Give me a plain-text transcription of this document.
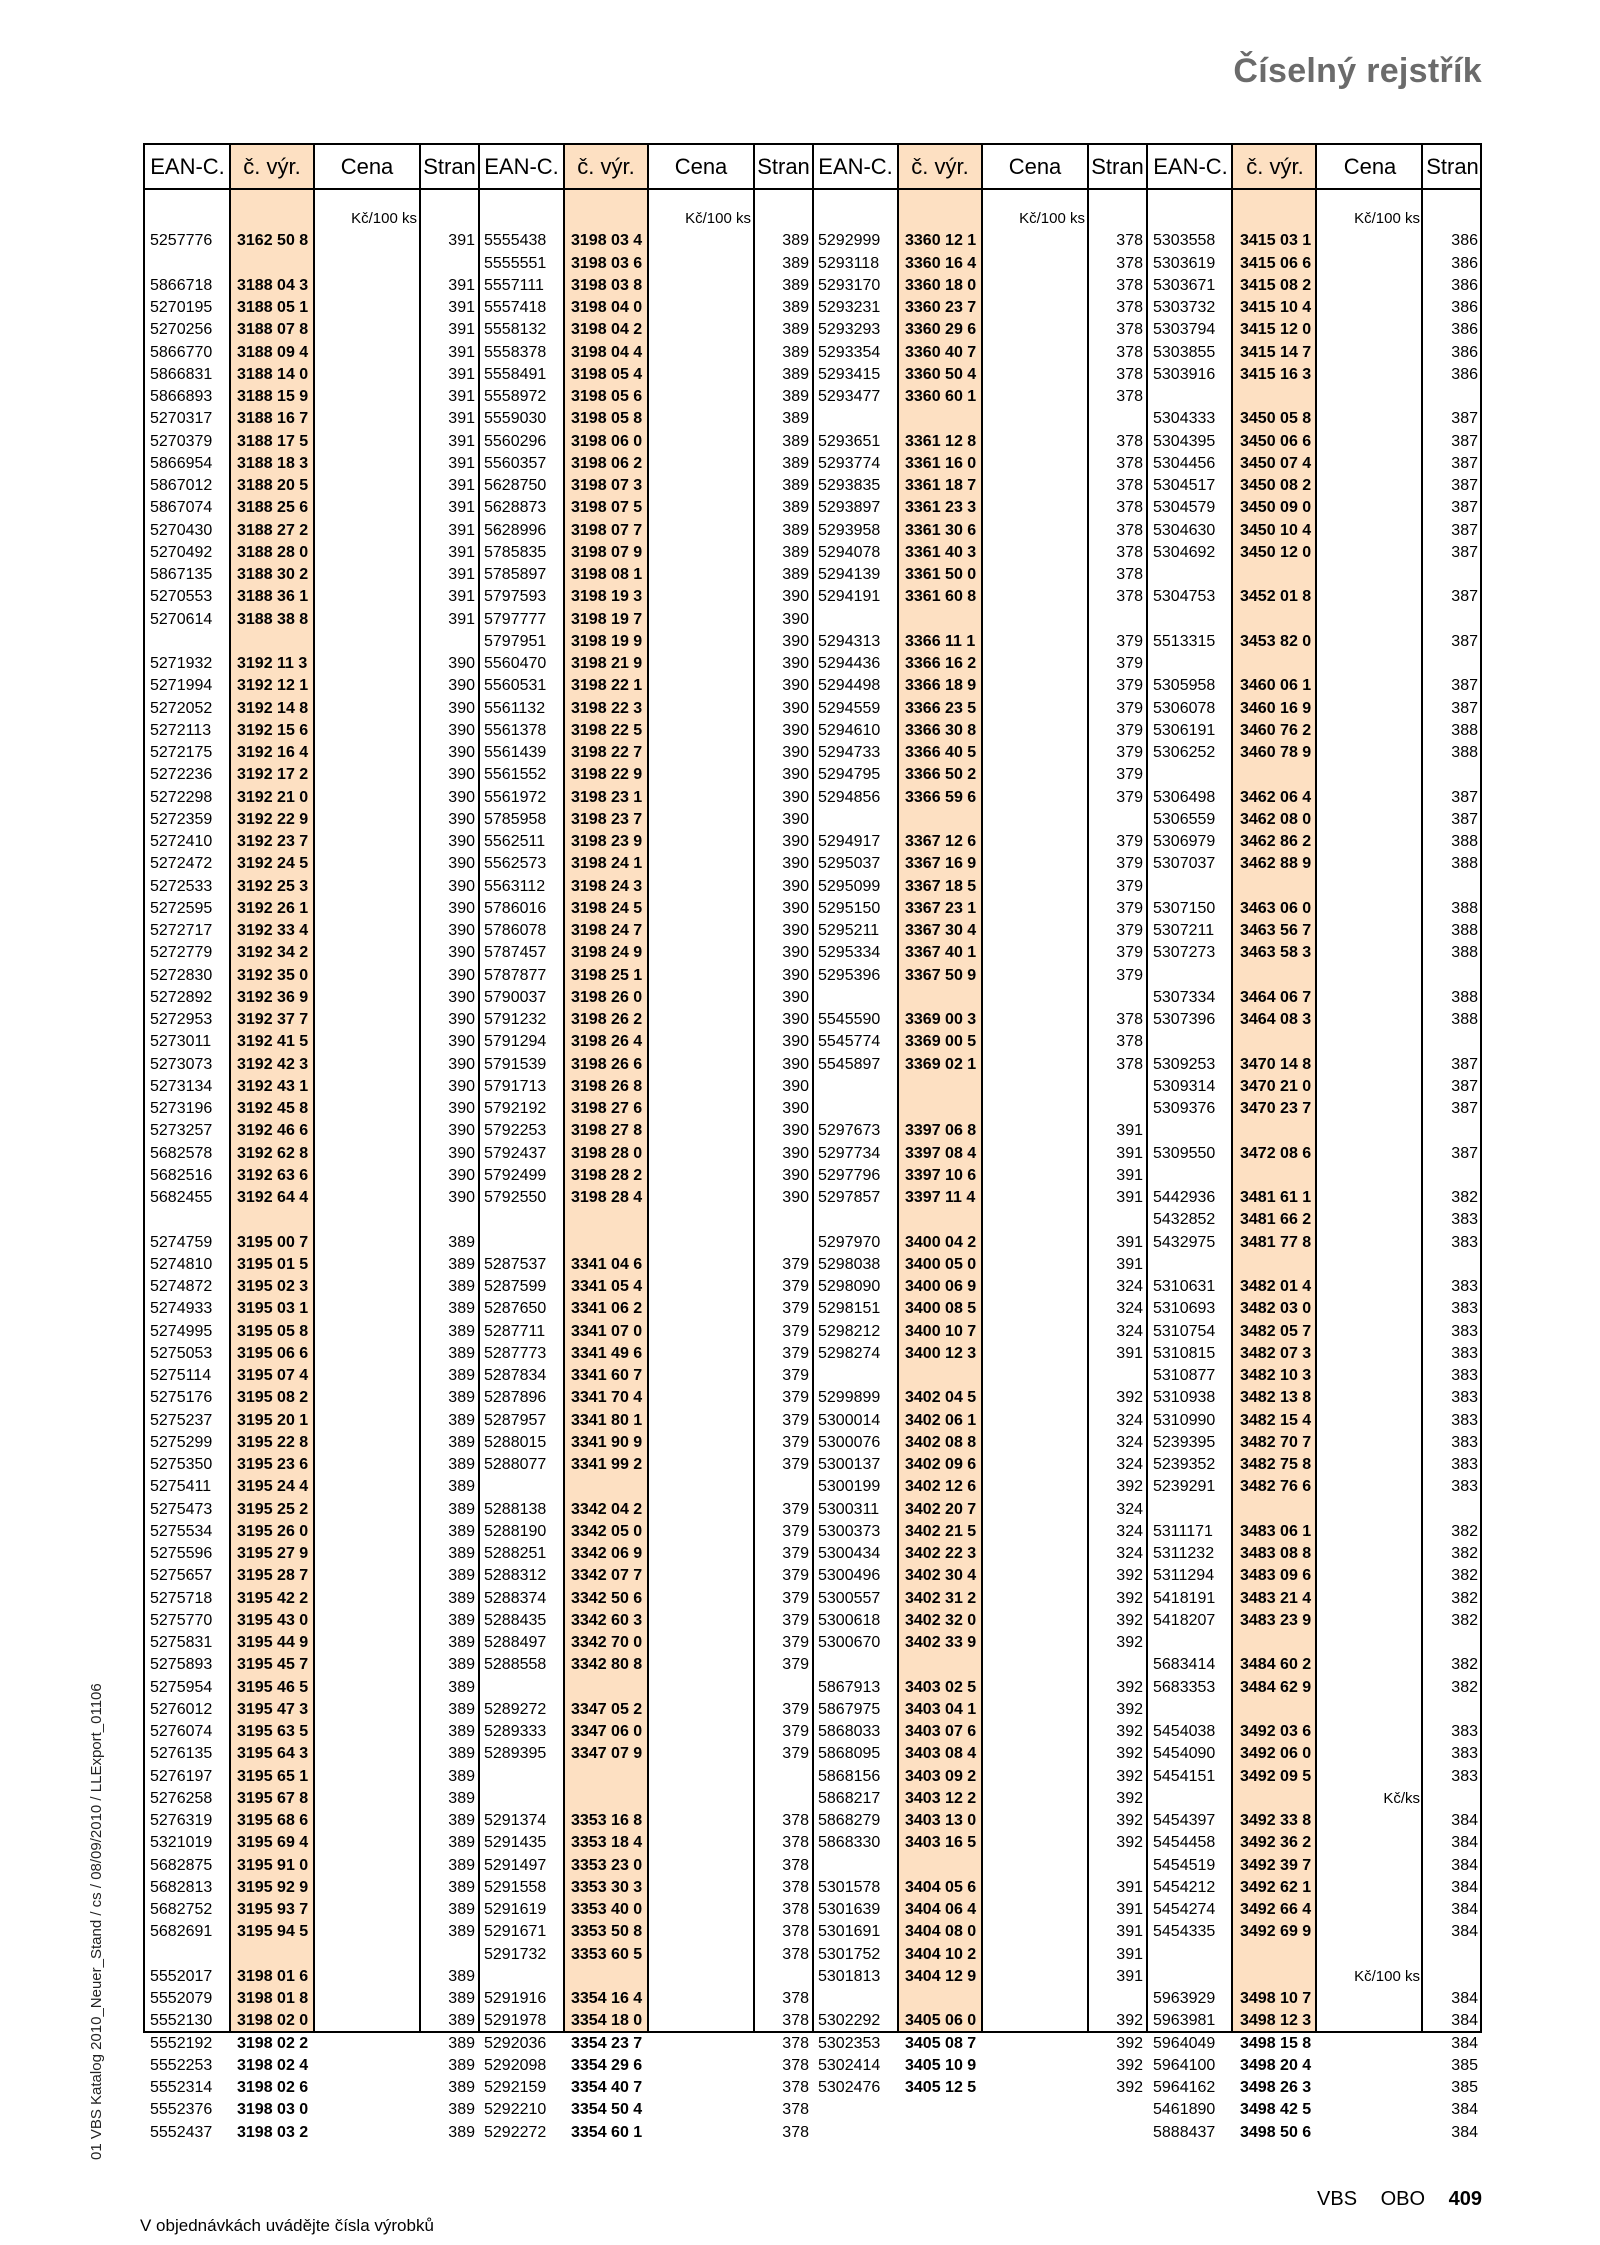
Číselný rejstřík
01 VBS Katalog 2010_Neuer_Stand / cs / 08/09/2010 / LLExport_01106
EAN-C. č. výr.	Cena	Stran
Kč/100 ks
5257776 3162 50 8	391
5866718 3188 04 3	391
5270195 3188 05 1	391
5270256 3188 07 8	391
5866770 3188 09 4	391
5866831 3188 14 0	391
5866893 3188 15 9	391
5270317 3188 16 7	391
5270379 3188 17 5	391
5866954 3188 18 3	391
5867012 3188 20 5	391
5867074 3188 25 6	391
5270430 3188 27 2	391
5270492 3188 28 0	391
5867135 3188 30 2	391
5270553 3188 36 1	391
5270614 3188 38 8	391
5271932 3192 11 3	390
5271994 3192 12 1	390
5272052 3192 14 8	390
5272113 3192 15 6	390
5272175 3192 16 4	390
5272236 3192 17 2	390
5272298 3192 21 0	390
5272359 3192 22 9	390
5272410 3192 23 7	390
5272472 3192 24 5	390
5272533 3192 25 3	390
5272595 3192 26 1	390
5272717 3192 33 4	390
5272779 3192 34 2	390
5272830 3192 35 0	390
5272892 3192 36 9	390
5272953 3192 37 7	390
5273011 3192 41 5	390
5273073 3192 42 3	390
5273134 3192 43 1	390
5273196 3192 45 8	390
5273257 3192 46 6	390
5682578 3192 62 8	390
5682516 3192 63 6	390
5682455 3192 64 4	390
5274759 3195 00 7	389
5274810 3195 01 5	389
5274872 3195 02 3	389
5274933 3195 03 1	389
5274995 3195 05 8	389
5275053 3195 06 6	389
5275114 3195 07 4	389
5275176 3195 08 2	389
5275237 3195 20 1	389
5275299 3195 22 8	389
5275350 3195 23 6	389
5275411 3195 24 4	389
5275473 3195 25 2	389
5275534 3195 26 0	389
5275596 3195 27 9	389
5275657 3195 28 7	389
5275718 3195 42 2	389
5275770 3195 43 0	389
5275831 3195 44 9	389
5275893 3195 45 7	389
5275954 3195 46 5	389
5276012 3195 47 3	389
5276074 3195 63 5	389
5276135 3195 64 3	389
5276197 3195 65 1	389
5276258 3195 67 8	389
5276319 3195 68 6	389
5321019 3195 69 4	389
5682875 3195 91 0	389
5682813 3195 92 9	389
5682752 3195 93 7	389
5682691 3195 94 5	389
5552017 3198 01 6	389
5552079 3198 01 8	389
5552130 3198 02 0	389
5552192 3198 02 2	389
5552253 3198 02 4	389
5552314 3198 02 6	389
5552376 3198 03 0	389
5552437 3198 03 2	389
EAN-C. č. výr.	Cena	Stran
Kč/100 ks
5555438 3198 03 4	389
5555551 3198 03 6	389
5557111 3198 03 8	389
5557418 3198 04 0	389
5558132 3198 04 2	389
5558378 3198 04 4	389
5558491 3198 05 4	389
5558972 3198 05 6	389
5559030 3198 05 8	389
5560296 3198 06 0	389
5560357 3198 06 2	389
5628750 3198 07 3	389
5628873 3198 07 5	389
5628996 3198 07 7	389
5785835 3198 07 9	389
5785897 3198 08 1	389
5797593 3198 19 3	390
5797777 3198 19 7	390
5797951 3198 19 9	390
5560470 3198 21 9	390
5560531 3198 22 1	390
5561132 3198 22 3	390
5561378 3198 22 5	390
5561439 3198 22 7	390
5561552 3198 22 9	390
5561972 3198 23 1	390
5785958 3198 23 7	390
5562511 3198 23 9	390
5562573 3198 24 1	390
5563112 3198 24 3	390
5786016 3198 24 5	390
5786078 3198 24 7	390
5787457 3198 24 9	390
5787877 3198 25 1	390
5790037 3198 26 0	390
5791232 3198 26 2	390
5791294 3198 26 4	390
5791539 3198 26 6	390
5791713 3198 26 8	390
5792192 3198 27 6	390
5792253 3198 27 8	390
5792437 3198 28 0	390
5792499 3198 28 2	390
5792550 3198 28 4	390
5287537 3341 04 6	379
5287599 3341 05 4	379
5287650 3341 06 2	379
5287711 3341 07 0	379
5287773 3341 49 6	379
5287834 3341 60 7	379
5287896 3341 70 4	379
5287957 3341 80 1	379
5288015 3341 90 9	379
5288077 3341 99 2	379
5288138 3342 04 2	379
5288190 3342 05 0	379
5288251 3342 06 9	379
5288312 3342 07 7	379
5288374 3342 50 6	379
5288435 3342 60 3	379
5288497 3342 70 0	379
5288558 3342 80 8	379
5289272 3347 05 2	379
5289333 3347 06 0	379
5289395 3347 07 9	379
5291374 3353 16 8	378
5291435 3353 18 4	378
5291497 3353 23 0	378
5291558 3353 30 3	378
5291619 3353 40 0	378
5291671 3353 50 8	378
5291732 3353 60 5	378
5291916 3354 16 4	378
5291978 3354 18 0	378
5292036 3354 23 7	378
5292098 3354 29 6	378
5292159 3354 40 7	378
5292210 3354 50 4	378
5292272 3354 60 1	378
EAN-C. č. výr.	Cena	Stran
Kč/100 ks
5292999 3360 12 1	378
5293118 3360 16 4	378
5293170 3360 18 0	378
5293231 3360 23 7	378
5293293 3360 29 6	378
5293354 3360 40 7	378
5293415 3360 50 4	378
5293477 3360 60 1	378
5293651 3361 12 8	378
5293774 3361 16 0	378
5293835 3361 18 7	378
5293897 3361 23 3	378
5293958 3361 30 6	378
5294078 3361 40 3	378
5294139 3361 50 0	378
5294191 3361 60 8	378
5294313 3366 11 1	379
5294436 3366 16 2	379
5294498 3366 18 9	379
5294559 3366 23 5	379
5294610 3366 30 8	379
5294733 3366 40 5	379
5294795 3366 50 2	379
5294856 3366 59 6	379
5294917 3367 12 6	379
5295037 3367 16 9	379
5295099 3367 18 5	379
5295150 3367 23 1	379
5295211 3367 30 4	379
5295334 3367 40 1	379
5295396 3367 50 9	379
5545590 3369 00 3	378
5545774 3369 00 5	378
5545897 3369 02 1	378
5297673 3397 06 8	391
5297734 3397 08 4	391
5297796 3397 10 6	391
5297857 3397 11 4	391
5297970 3400 04 2	391
5298038 3400 05 0	391
5298090 3400 06 9	324
5298151 3400 08 5	324
5298212 3400 10 7	324
5298274 3400 12 3	391
5299899 3402 04 5	392
5300014 3402 06 1	324
5300076 3402 08 8	324
5300137 3402 09 6	324
5300199 3402 12 6	392
5300311 3402 20 7	324
5300373 3402 21 5	324
5300434 3402 22 3	324
5300496 3402 30 4	392
5300557 3402 31 2	392
5300618 3402 32 0	392
5300670 3402 33 9	392
5867913 3403 02 5	392
5867975 3403 04 1	392
5868033 3403 07 6	392
5868095 3403 08 4	392
5868156 3403 09 2	392
5868217 3403 12 2	392
5868279 3403 13 0	392
5868330 3403 16 5	392
5301578 3404 05 6	391
5301639 3404 06 4	391
5301691 3404 08 0	391
5301752 3404 10 2	391
5301813 3404 12 9	391
5302292 3405 06 0	392
5302353 3405 08 7	392
5302414 3405 10 9	392
5302476 3405 12 5	392
EAN-C. č. výr.	Cena	Stran
Kč/100 ks
5303558 3415 03 1	386
5303619 3415 06 6	386
5303671 3415 08 2	386
5303732 3415 10 4	386
5303794 3415 12 0	386
5303855 3415 14 7	386
5303916 3415 16 3	386
5304333 3450 05 8	387
5304395 3450 06 6	387
5304456 3450 07 4	387
5304517 3450 08 2	387
5304579 3450 09 0	387
5304630 3450 10 4	387
5304692 3450 12 0	387
5304753 3452 01 8	387
5513315 3453 82 0	387
5305958 3460 06 1	387
5306078 3460 16 9	387
5306191 3460 76 2	388
5306252 3460 78 9	388
5306498 3462 06 4	387
5306559 3462 08 0	387
5306979 3462 86 2	388
5307037 3462 88 9	388
5307150 3463 06 0	388
5307211 3463 56 7	388
5307273 3463 58 3	388
5307334 3464 06 7	388
5307396 3464 08 3	388
5309253 3470 14 8	387
5309314 3470 21 0	387
5309376 3470 23 7	387
5309550 3472 08 6	387
5442936 3481 61 1	382
5432852 3481 66 2	383
5432975 3481 77 8	383
5310631 3482 01 4	383
5310693 3482 03 0	383
5310754 3482 05 7	383
5310815 3482 07 3	383
5310877 3482 10 3	383
5310938 3482 13 8	383
5310990 3482 15 4	383
5239395 3482 70 7	383
5239352 3482 75 8	383
5239291 3482 76 6	383
5311171 3483 06 1	382
5311232 3483 08 8	382
5311294 3483 09 6	382
5418191 3483 21 4	382
5418207 3483 23 9	382
5683414 3484 60 2	382
5683353 3484 62 9	382
5454038 3492 03 6	383
5454090 3492 06 0	383
5454151 3492 09 5	383
Kč/ks
5454397 3492 33 8	384
5454458 3492 36 2	384
5454519 3492 39 7	384
5454212 3492 62 1	384
5454274 3492 66 4	384
5454335 3492 69 9	384
Kč/100 ks
5963929 3498 10 7	384
5963981 3498 12 3	384
5964049 3498 15 8	384
5964100 3498 20 4	385
5964162 3498 26 3	385
5461890 3498 42 5	384
5888437 3498 50 6	384
V objednávkách uvádějte čísla výrobků
VBS OBO 409
